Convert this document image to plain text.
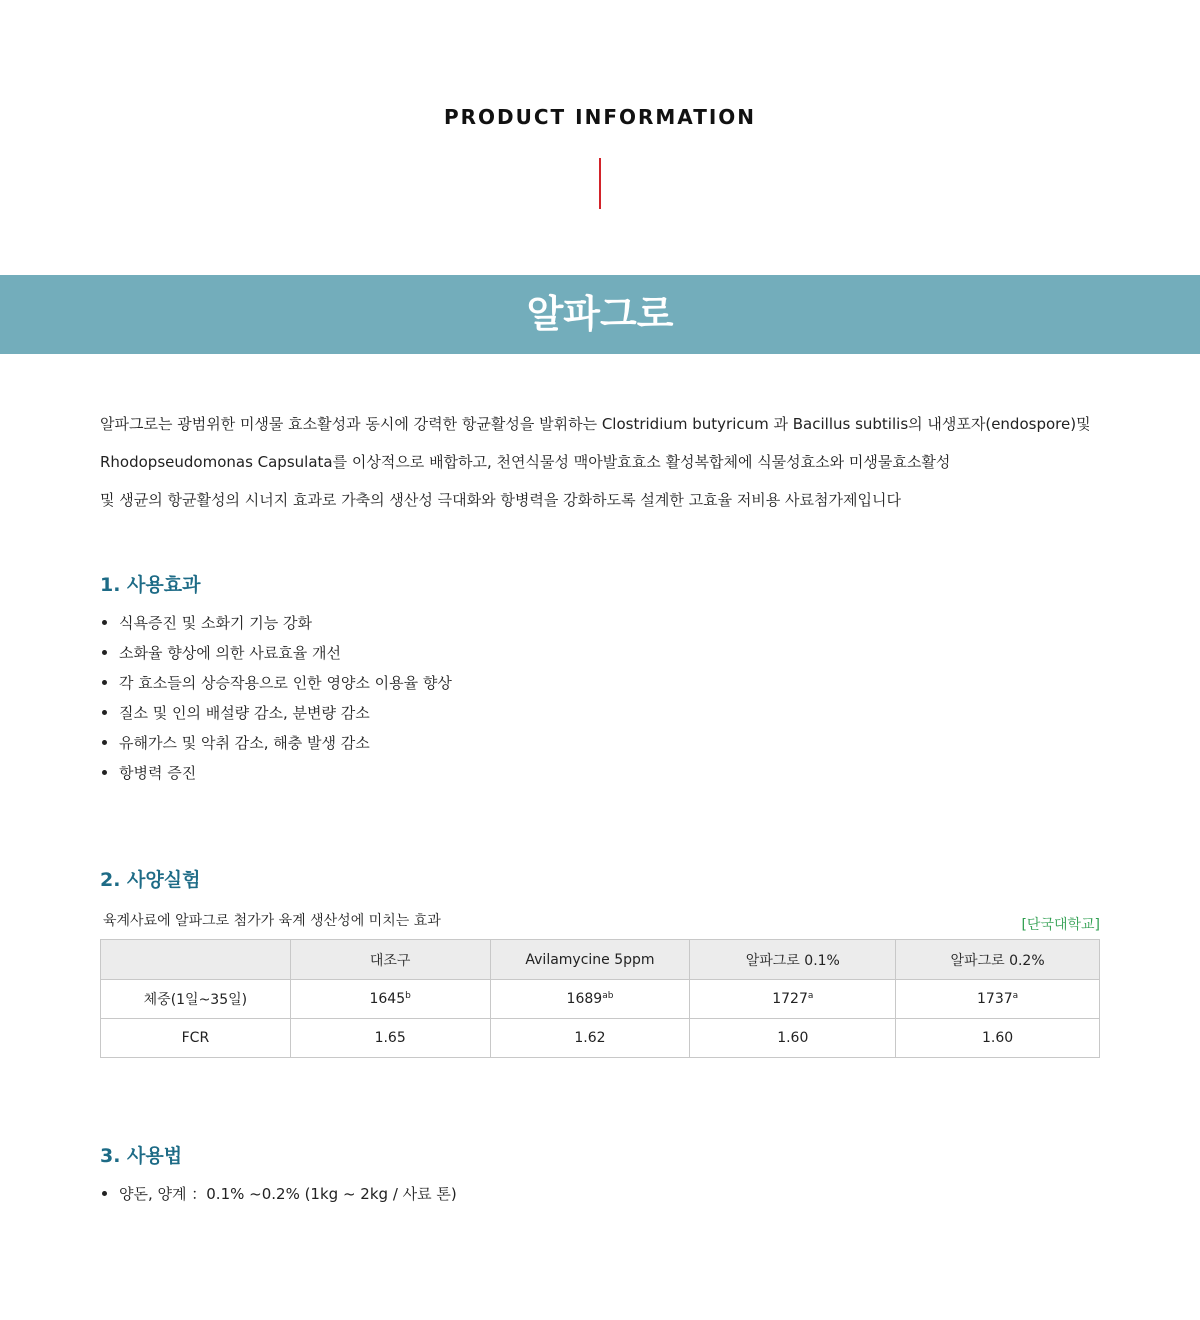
PRODUCT INFORMATION
알파그로

알파그로는 광범위한 미생물 효소활성과 동시에 강력한 항균활성을 발휘하는 Clostridium butyricum 과 Bacillus subtilis의 내생포자(endospore)및

Rhodopseudomonas Capsulata를 이상적으로 배합하고, 천연식물성 맥아발효효소 활성복합체에 식물성효소와 미생물효소활성

및 생균의 항균활성의 시너지 효과로 가축의 생산성 극대화와 항병력을 강화하도록 설계한 고효율 저비용 사료첨가제입니다

1. 사용효과
식욕증진 및 소화기 기능 강화
소화율 향상에 의한 사료효율 개선
각 효소들의 상승작용으로 인한 영양소 이용율 향상
질소 및 인의 배설량 감소, 분변량 감소
유해가스 및 악취 감소, 해충 발생 감소
항병력 증진
2. 사양실험
육계사료에 알파그로 첨가가 육계 생산성에 미치는 효과	[단국대학교]
	대조구	Avilamycine 5ppm	알파그로 0.1%	알파그로 0.2%
체중(1일~35일)	1645$^b$	$1689^{ab}$	1727$^a$	1737$^a$
FCR	1.65	1.62	1.60	1.60
3. 사용법
양돈, 양계 ：0.1% ~0.2% (1kg ~ 2kg / 사료 톤)
